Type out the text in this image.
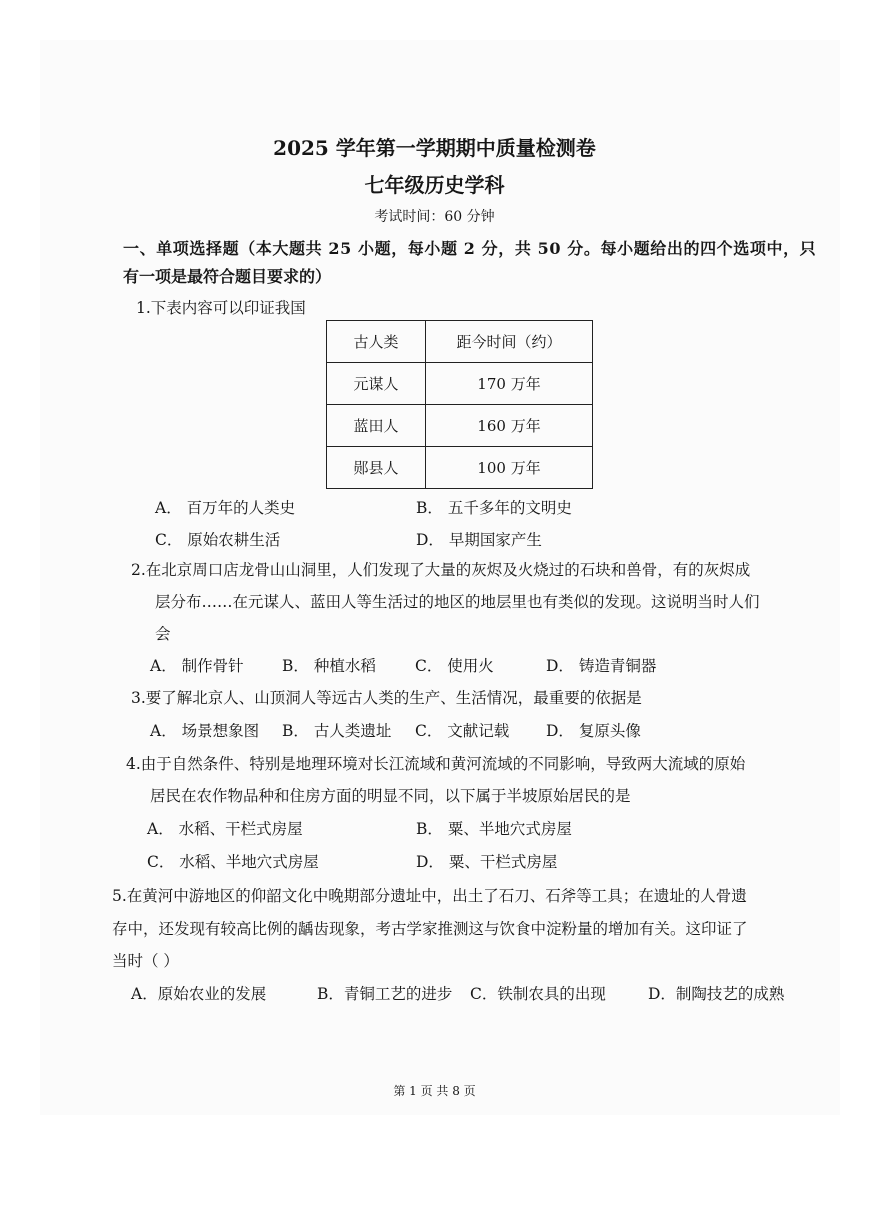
2025 学年第一学期期中质量检测卷
七年级历史学科
考试时间：60 分钟
一、单项选择题（本大题共 25 小题，每小题 2 分，共 50 分。每小题给出的四个选项中，只
有一项是最符合题目要求的）
1.下表内容可以印证我国
古人类	距今时间（约）
元谋人	170 万年
蓝田人	160 万年
郧县人	100 万年
A． 百万年的人类史	B． 五千多年的文明史
C． 原始农耕生活	D． 早期国家产生
2.在北京周口店龙骨山山洞里，人们发现了大量的灰烬及火烧过的石块和兽骨，有的灰烬成
层分布……在元谋人、蓝田人等生活过的地区的地层里也有类似的发现。这说明当时人们
会
A． 制作骨针 B． 种植水稻	C． 使用火	D． 铸造青铜器
3.要了解北京人、山顶洞人等远古人类的生产、生活情况，最重要的依据是
A． 场景想象图 B． 古人类遗址 C． 文献记载 D． 复原头像
4.由于自然条件、特别是地理环境对长江流域和黄河流域的不同影响，导致两大流域的原始
居民在农作物品种和住房方面的明显不同，以下属于半坡原始居民的是
A． 水稻、干栏式房屋	B． 粟、半地穴式房屋
C． 水稻、半地穴式房屋	D． 粟、干栏式房屋
5.在黄河中游地区的仰韶文化中晚期部分遗址中，出土了石刀、石斧等工具；在遗址的人骨遗
存中，还发现有较高比例的龋齿现象，考古学家推测这与饮食中淀粉量的增加有关。这印证了
当时（ ）
A．原始农业的发展	B．青铜工艺的进步 C．铁制农具的出现	D．制陶技艺的成熟
第 1 页 共 8 页
